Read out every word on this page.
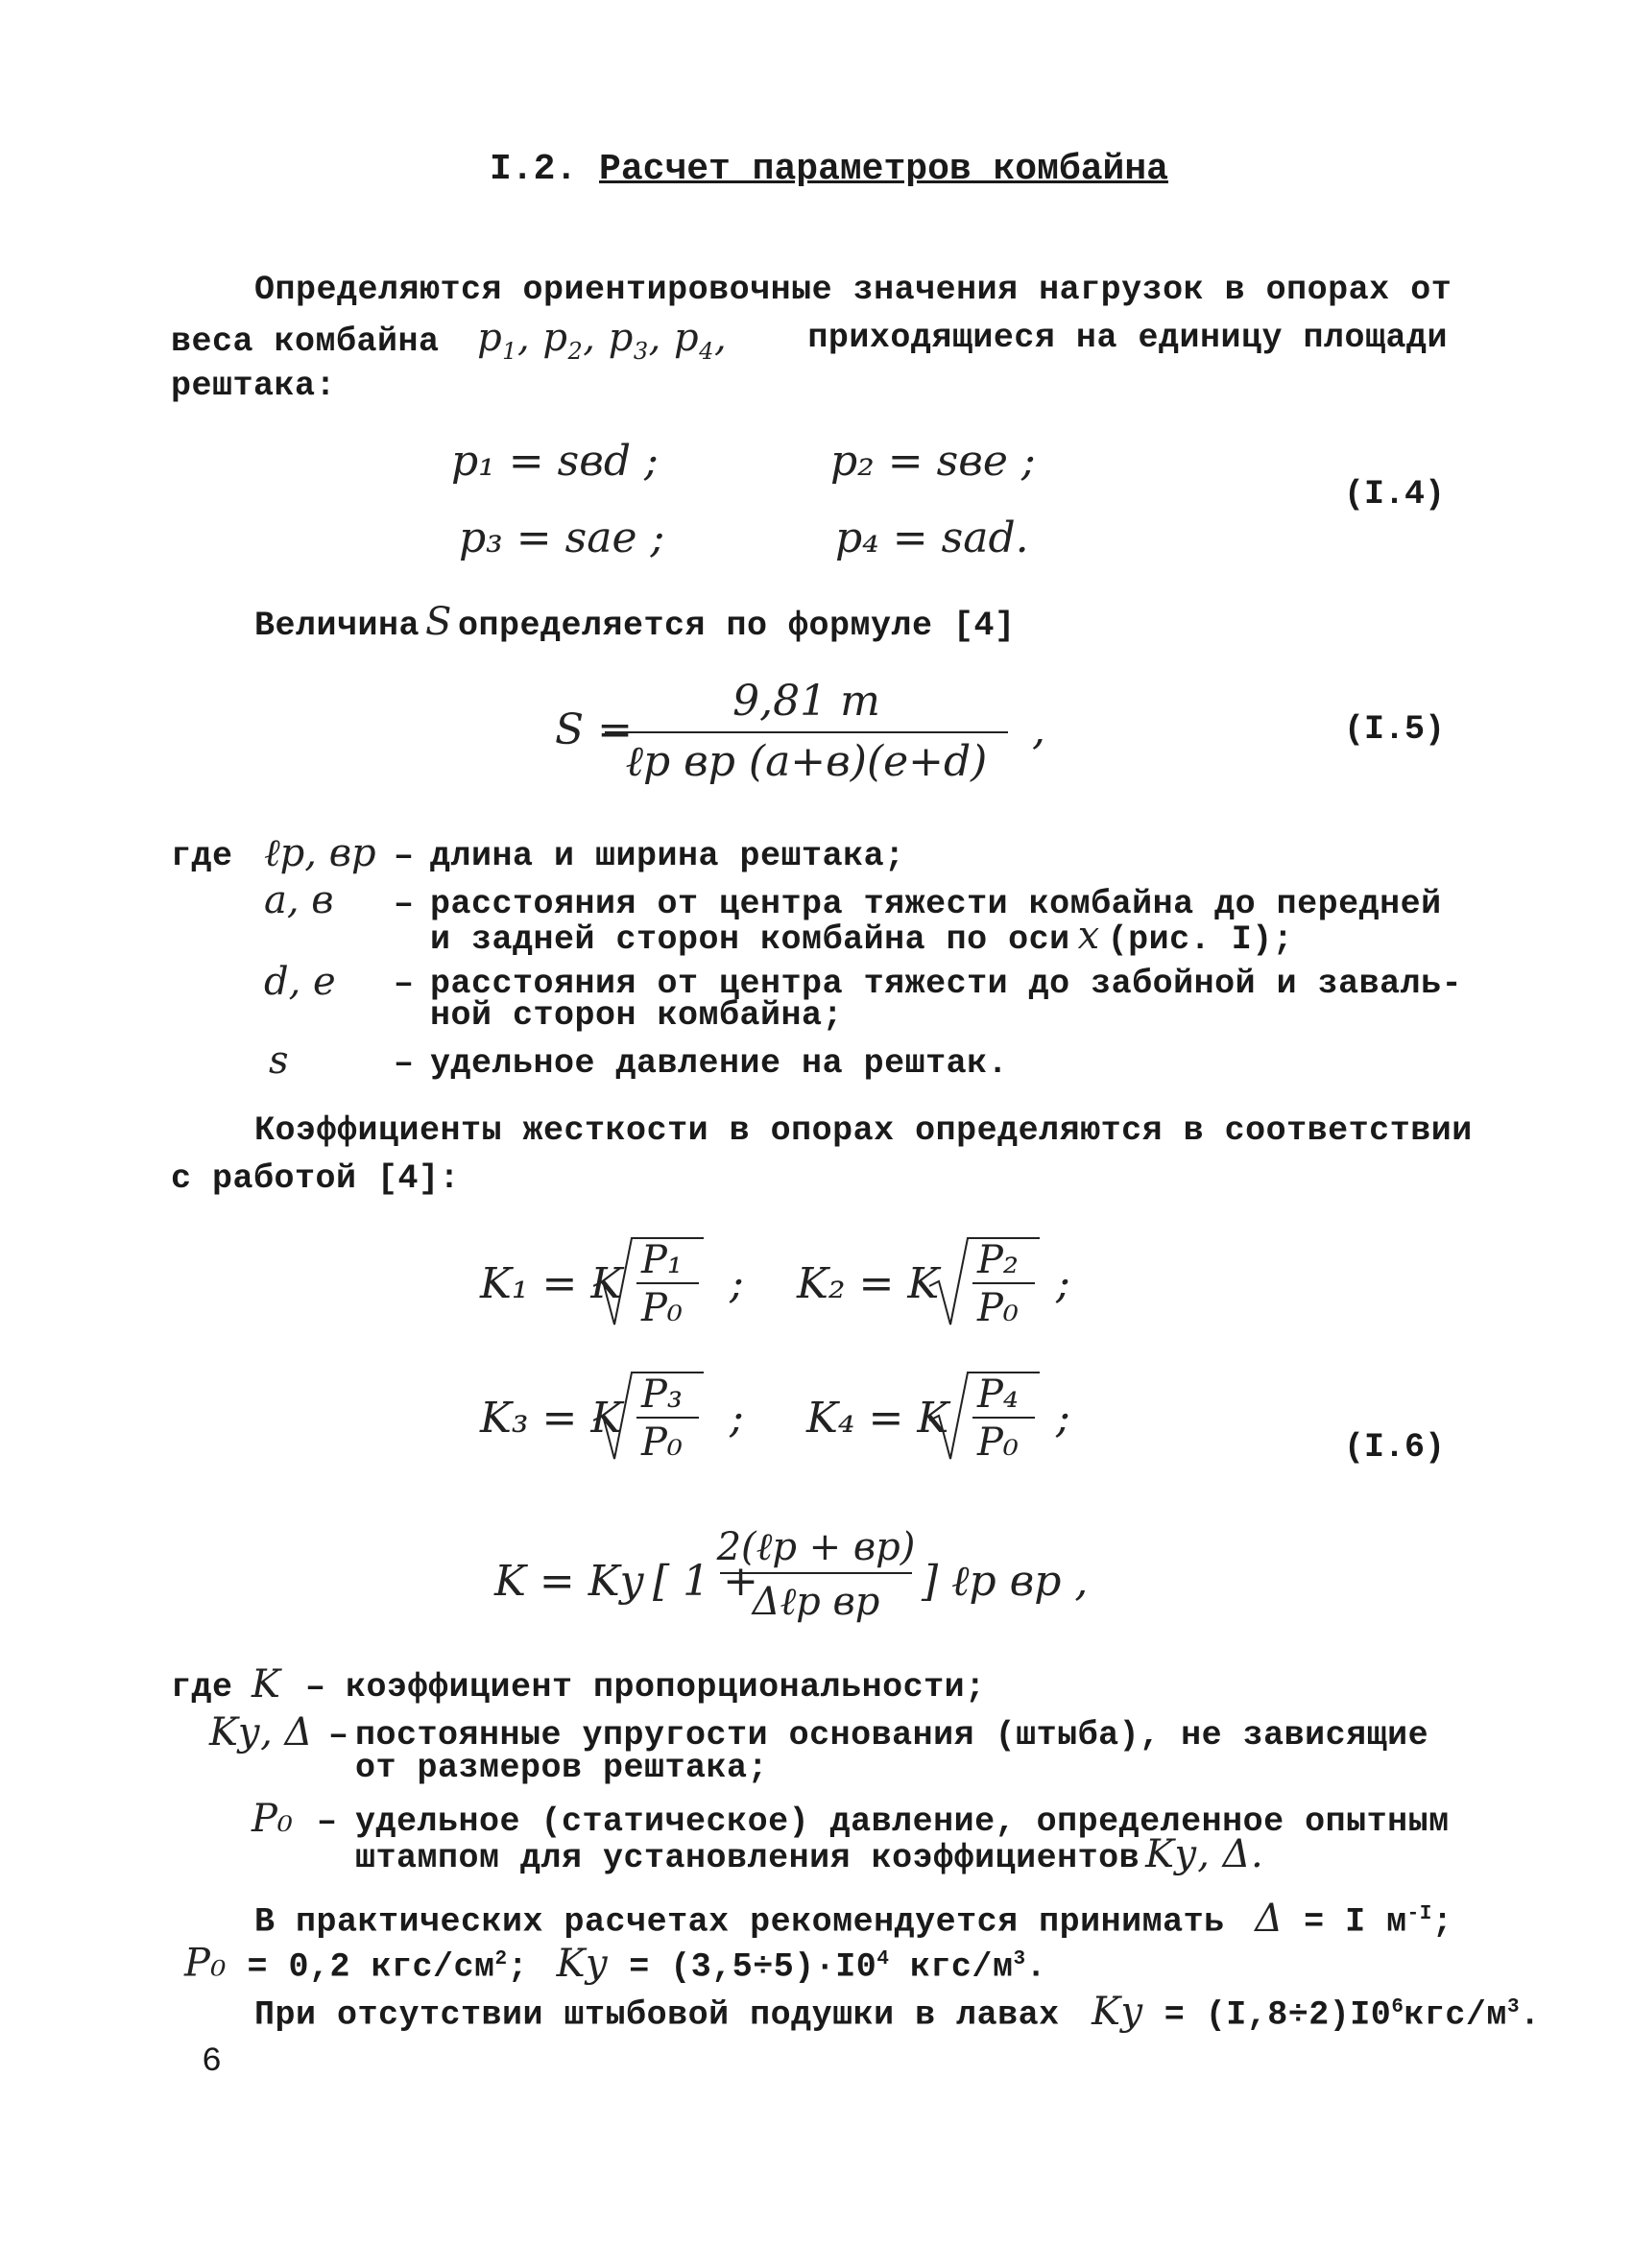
I.2. Расчет параметров комбайна
Определяются ориентировочные значения нагрузок в опорах от
веса комбайна $p_1$, $p_2$, $p_3$, $p_4$, приходящиеся на единицу площади
рештака:
p₁ = sвd ;	p₂ = sвe ;
p₃ = sae ;	p₄ = sad.
(I.4)
Величина S определяется по формуле [4]
S =
9,81 m
ℓp вp (a+в)(e+d)
,	(I.5)
где ℓp, вp – длина и ширина рештака;
a, в – расстояния от центра тяжести комбайна до передней
и задней сторон комбайна по оси x (рис. I);
d, e – расстояния от центра тяжести до забойной и заваль-
ной сторон комбайна;
s	– удельное давление на рештак.
Коэффициенты жесткости в опорах определяются в соответствии
с работой [4]:
K₁ = K P₁
P₀ ; K₂ = K P₂
P₀ ;
K₃ = K P₃
P₀ ; K₄ = K P₄
P₀ ;
(I.6)
K = Kу [ 1 +
2(ℓp + вp)
Δℓp вp ] ℓp вp ,
где K – коэффициент пропорциональности;
Kу, Δ – постоянные упругости основания (штыба), не зависящие
от размеров рештака;
P₀ – удельное (статическое) давление, определенное опытным
штампом для установления коэффициентов Kу, Δ.
В практических расчетах рекомендуется принимать Δ = I $м^{-I}$;
P₀ = 0,2 кгс/$см^2$; Kу = $(3,5\div 5)\cdot I0^4$ кгс/$м^3$.
При отсутствии штыбовой подушки в лавах Kу = $(I,8\div 2)I0^6кгс/м^3$.
6
